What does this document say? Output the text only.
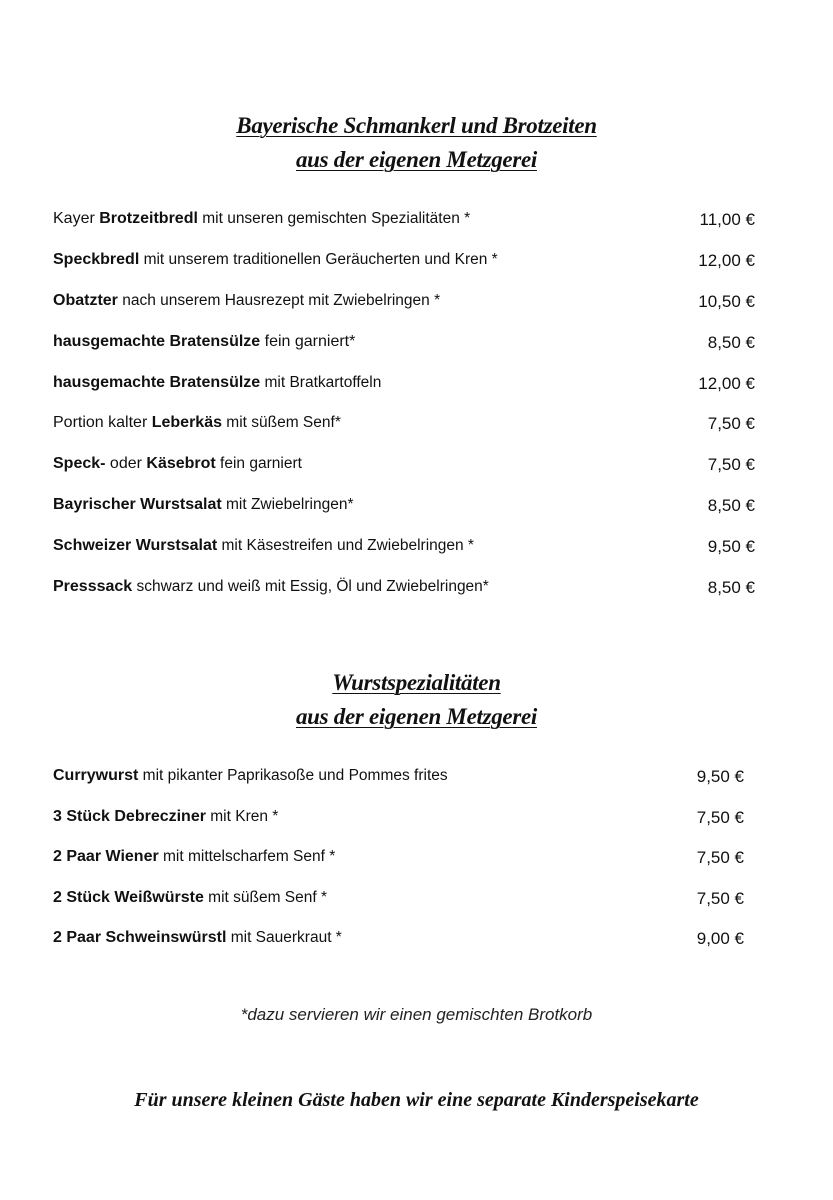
Bayerische Schmankerl und Brotzeiten
aus der eigenen Metzgerei
Kayer Brotzeitbredl mit unseren gemischten Spezialitäten *	11,00 €
Speckbredl mit unserem traditionellen Geräucherten und Kren *	12,00 €
Obatzter nach unserem Hausrezept mit Zwiebelringen *	10,50 €
hausgemachte Bratensülze fein garniert*	8,50 €
hausgemachte Bratensülze mit Bratkartoffeln	12,00 €
Portion kalter Leberkäs mit süßem Senf*	7,50 €
Speck- oder Käsebrot fein garniert	7,50 €
Bayrischer Wurstsalat mit Zwiebelringen*	8,50 €
Schweizer Wurstsalat mit Käsestreifen und Zwiebelringen *	9,50 €
Presssack schwarz und weiß mit Essig, Öl und Zwiebelringen*	8,50 €
Wurstspezialitäten
aus der eigenen Metzgerei
Currywurst mit pikanter Paprikasoße und Pommes frites	9,50 €
3 Stück Debrecziner mit Kren *	7,50 €
2 Paar Wiener mit mittelscharfem Senf *	7,50 €
2 Stück Weißwürste mit süßem Senf *	7,50 €
2 Paar Schweinswürstl mit Sauerkraut *	9,00 €
*dazu servieren wir einen gemischten Brotkorb
Für unsere kleinen Gäste haben wir eine separate Kinderspeisekarte
